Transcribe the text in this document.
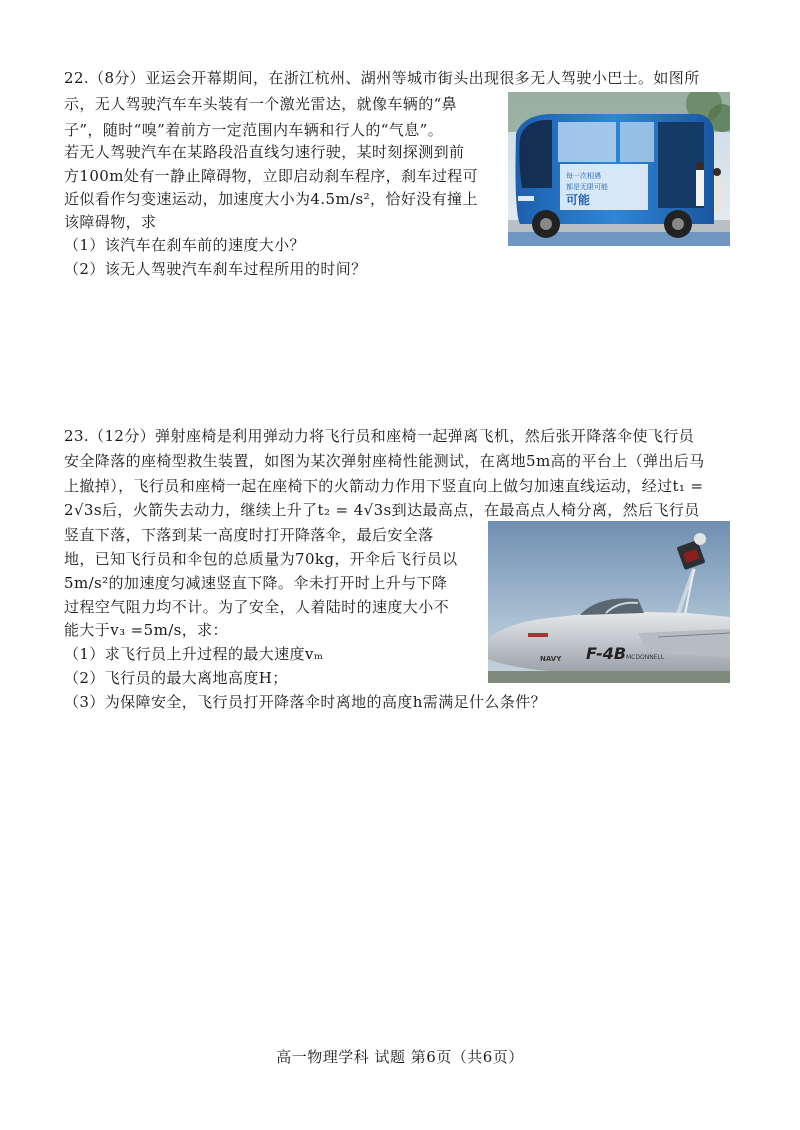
22.（8分）亚运会开幕期间，在浙江杭州、湖州等城市街头出现很多无人驾驶小巴士。如图所
示，无人驾驶汽车车头装有一个激光雷达，就像车辆的“鼻
子”，随时“嗅”着前方一定范围内车辆和行人的“气息”。
若无人驾驶汽车在某路段沿直线匀速行驶，某时刻探测到前
方100m处有一静止障碍物，立即启动刹车程序，刹车过程可
近似看作匀变速运动，加速度大小为4.5m/s²，恰好没有撞上
该障碍物，求
（1）该汽车在刹车前的速度大小？
（2）该无人驾驶汽车刹车过程所用的时间？
每一次相遇
都是无限可能
可能
23.（12分）弹射座椅是利用弹动力将飞行员和座椅一起弹离飞机，然后张开降落伞使飞行员
安全降落的座椅型救生装置，如图为某次弹射座椅性能测试，在离地5m高的平台上（弹出后马
上撤掉），飞行员和座椅一起在座椅下的火箭动力作用下竖直向上做匀加速直线运动，经过t₁ =
2√3s后，火箭失去动力，继续上升了t₂ = 4√3s到达最高点，在最高点人椅分离，然后飞行员
竖直下落，下落到某一高度时打开降落伞，最后安全落
地，已知飞行员和伞包的总质量为70kg，开伞后飞行员以
5m/s²的加速度匀减速竖直下降。伞未打开时上升与下降
过程空气阻力均不计。为了安全，人着陆时的速度大小不
能大于v₃ =5m/s，求：
（1）求飞行员上升过程的最大速度vₘ
（2）飞行员的最大离地高度H；
（3）为保障安全，飞行员打开降落伞时离地的高度h需满足什么条件？
NAVY F-4B MCDONNELL
高一物理学科 试题 第6页（共6页）
